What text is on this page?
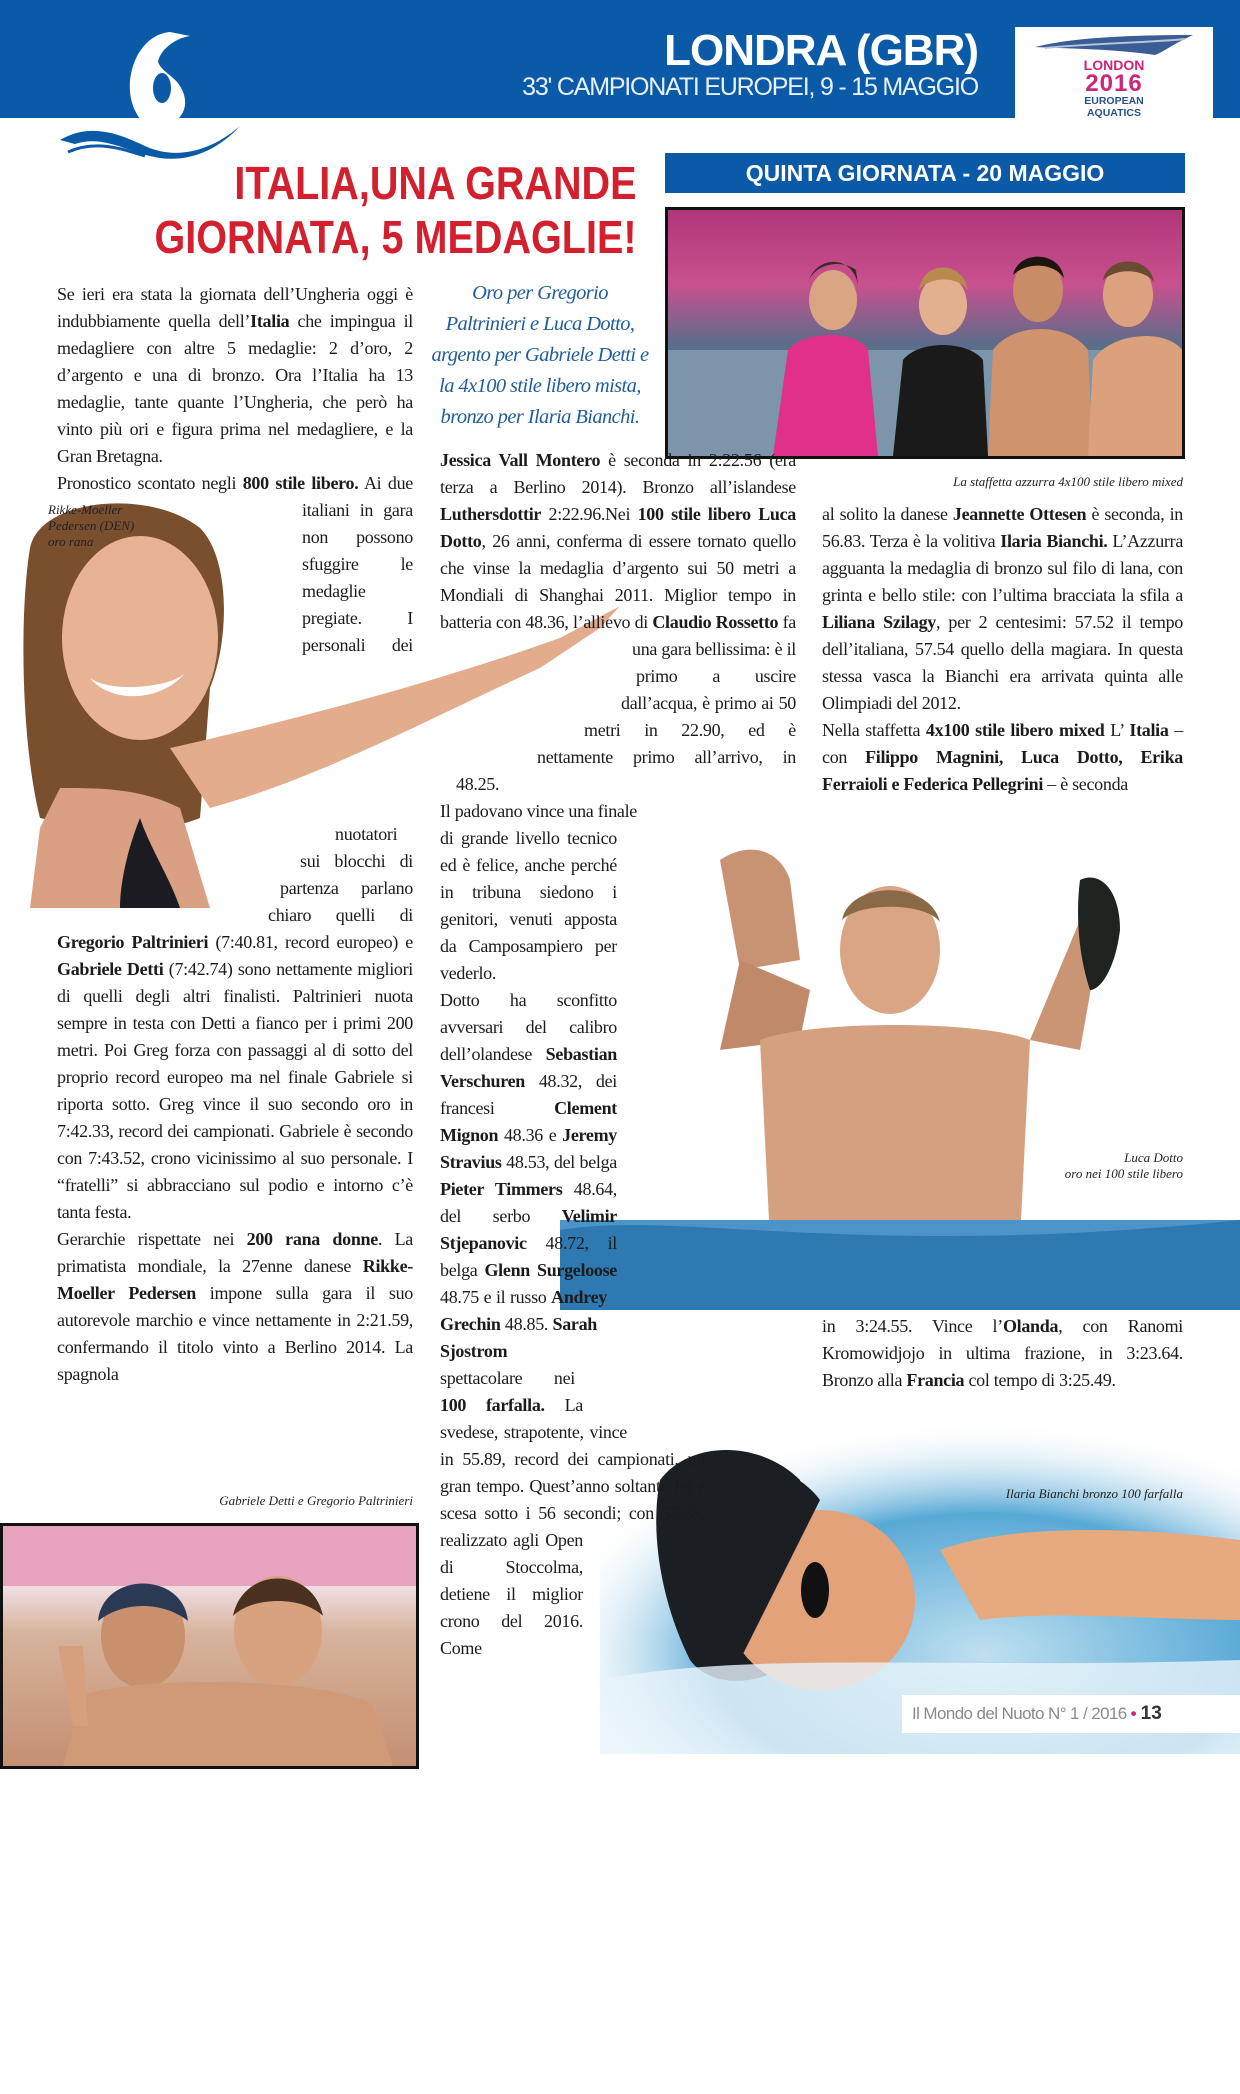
LONDRA (GBR)
33' CAMPIONATI EUROPEI, 9 - 15 MAGGIO
LONDON
2016
EUROPEAN
AQUATICS
ITALIA,UNA GRANDE
GIORNATA, 5 MEDAGLIE!
QUINTA GIORNATA - 20 MAGGIO
La staffetta azzurra 4x100 stile libero mixed
Rikke-Moeller
Pedersen (DEN)
oro rana
Luca Dotto
oro nei 100 stile libero
Ilaria Bianchi bronzo 100 farfalla
Gabriele Detti e Gregorio Paltrinieri
Oro per Gregorio
Paltrinieri e Luca Dotto,
argento per Gabriele Detti e
la 4x100 stile libero mista,
bronzo per Ilaria Bianchi.

Se ieri era stata la giornata dell’Ungheria oggi è indubbiamente quella dell’Italia che impingua il medagliere con altre 5 medaglie: 2 d’oro, 2 d’argento e una di bronzo. Ora l’Italia ha 13 medaglie, tante quante l’Ungheria, che però ha vinto più ori e figura prima nel medagliere, e la Gran Bretagna.

Pronostico scontato negli 800 stile libero. Ai due italiani in gara non possono sfuggire le medaglie pregiate. I personali dei nuotatori sui blocchi di partenza parlano chiaro quelli di Gregorio Paltrinieri (7:40.81, record europeo) e Gabriele Detti (7:42.74) sono nettamente migliori di quelli degli altri finalisti. Paltrinieri nuota sempre in testa con Detti a fianco per i primi 200 metri. Poi Greg forza con passaggi al di sotto del proprio record europeo ma nel finale Gabriele si riporta sotto. Greg vince il suo secondo oro in 7:42.33, record dei campionati. Gabriele è secondo con 7:43.52, crono vicinissimo al suo personale. I “fratelli” si abbracciano sul podio e intorno c’è tanta festa.

Gerarchie rispettate nei 200 rana donne. La primatista mondiale, la 27enne danese Rikke-Moeller Pedersen impone sulla gara il suo autorevole marchio e vince nettamente in 2:21.59, confermando il titolo vinto a Berlino 2014. La spagnola

Jessica Vall Montero è seconda in 2:22.56 (era terza a Berlino 2014). Bronzo all’islandese Luthersdottir 2:22.96.Nei 100 stile libero Luca Dotto, 26 anni, conferma di essere tornato quello che vinse la medaglia d’argento sui 50 metri a Mondiali di Shanghai 2011. Miglior tempo in batteria con 48.36, l’allievo di Claudio Rossetto fa una gara bellissima: è il primo a uscire dall’acqua, è primo ai 50 metri in 22.90, ed è nettamente primo all’arrivo, in 48.25.

Il padovano vince una finale di grande livello tecnico ed è felice, anche perché in tribuna siedono i genitori, venuti apposta da Camposampiero per vederlo.

Dotto ha sconfitto avversari del calibro dell’olandese Sebastian Verschuren 48.32, dei francesi Clement Mignon 48.36 e Jeremy Stravius 48.53, del belga Pieter Timmers 48.64, del serbo Velimir Stjepanovic 48.72, il belga Glenn Surgeloose 48.75 e il russo Andrey Grechin 48.85. Sarah Sjostrom spettacolare nei 100 farfalla. La svedese, strapotente, vince in 55.89, record dei campionati, un gran tempo. Quest’anno soltanto lei è scesa sotto i 56 secondi; con 55.68, realizzato agli Open di Stoccolma, detiene il miglior crono del 2016. Come

al solito la danese Jeannette Ottesen è seconda, in 56.83. Terza è la volitiva Ilaria Bianchi. L’Azzurra agguanta la medaglia di bronzo sul filo di lana, con grinta e bello stile: con l’ultima bracciata la sfila a Liliana Szilagy, per 2 centesimi: 57.52 il tempo dell’italiana, 57.54 quello della magiara. In questa stessa vasca la Bianchi era arrivata quinta alle Olimpiadi del 2012.

Nella staffetta 4x100 stile libero mixed L’ Italia – con Filippo Magnini, Luca Dotto, Erika Ferraioli e Federica Pellegrini – è seconda

in 3:24.55. Vince l’Olanda, con Ranomi Kromowidjojo in ultima frazione, in 3:23.64. Bronzo alla Francia col tempo di 3:25.49.

Il Mondo del Nuoto N° 1 / 2016 • 13
